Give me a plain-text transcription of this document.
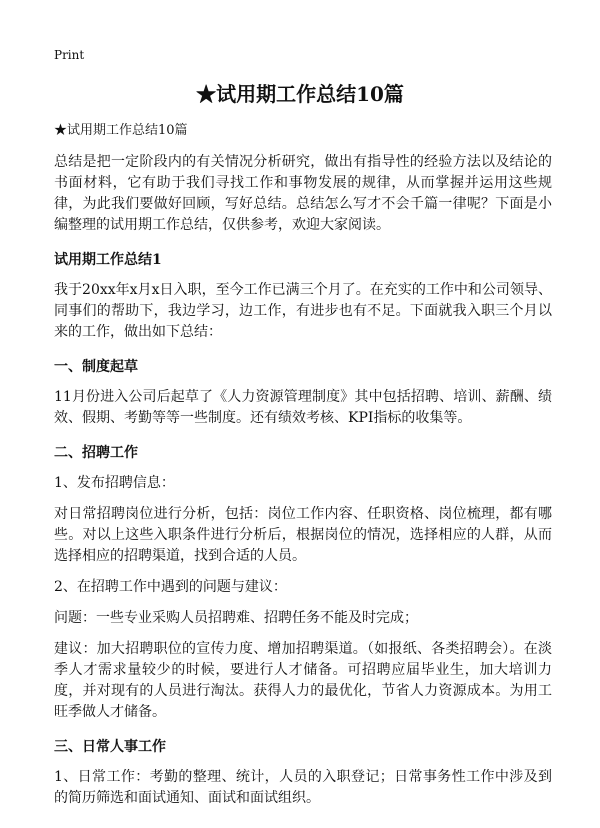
Print
★试用期工作总结10篇
★试用期工作总结10篇

总结是把一定阶段内的有关情况分析研究，做出有指导性的经验方法以及结论的书面材料，它有助于我们寻找工作和事物发展的规律，从而掌握并运用这些规律，为此我们要做好回顾，写好总结。总结怎么写才不会千篇一律呢？下面是小编整理的试用期工作总结，仅供参考，欢迎大家阅读。

试用期工作总结1

我于20xx年x月x日入职，至今工作已满三个月了。在充实的工作中和公司领导、同事们的帮助下，我边学习，边工作，有进步也有不足。下面就我入职三个月以来的工作，做出如下总结：

一、制度起草

11月份进入公司后起草了《人力资源管理制度》其中包括招聘、培训、薪酬、绩效、假期、考勤等等一些制度。还有绩效考核、KPI指标的收集等。

二、招聘工作

1、发布招聘信息：

对日常招聘岗位进行分析，包括：岗位工作内容、任职资格、岗位梳理，都有哪些。对以上这些入职条件进行分析后，根据岗位的情况，选择相应的人群，从而选择相应的招聘渠道，找到合适的人员。

2、在招聘工作中遇到的问题与建议：

问题：一些专业采购人员招聘难、招聘任务不能及时完成；

建议：加大招聘职位的宣传力度、增加招聘渠道。（如报纸、各类招聘会）。在淡季人才需求量较少的时候，要进行人才储备。可招聘应届毕业生，加大培训力度，并对现有的人员进行淘汰。获得人力的最优化，节省人力资源成本。为用工旺季做人才储备。

三、日常人事工作

1、日常工作：考勤的整理、统计，人员的入职登记；日常事务性工作中涉及到的简历筛选和面试通知、面试和面试组织。
